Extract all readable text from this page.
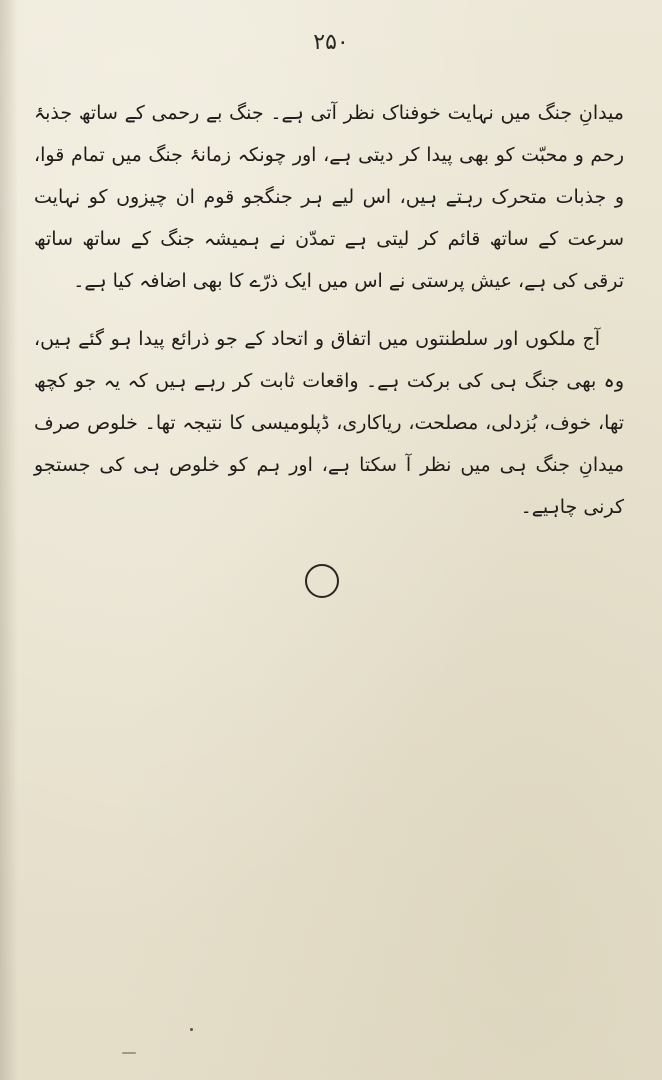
۲۵۰

میدانِ جنگ میں نہایت خوفناک نظر آتی ہے۔ جنگ بے رحمی کے ساتھ جذبۂ رحم و محبّت کو بھی پیدا کر دیتی ہے، اور چونکہ زمانۂ جنگ میں تمام قوا، و جذبات متحرک رہتے ہیں، اس لیے ہر جنگجو قوم ان چیزوں کو نہایت سرعت کے ساتھ قائم کر لیتی ہے تمدّن نے ہمیشہ جنگ کے ساتھ ساتھ ترقی کی ہے، عیش پرستی نے اس میں ایک ذرّے کا بھی اضافہ کیا ہے۔

آج ملکوں اور سلطنتوں میں اتفاق و اتحاد کے جو ذرائع پیدا ہو گئے ہیں، وہ بھی جنگ ہی کی برکت ہے۔ واقعات ثابت کر رہے ہیں کہ یہ جو کچھ تھا، خوف، بُزدلی، مصلحت، ریاکاری، ڈپلومیسی کا نتیجہ تھا۔ خلوص صرف میدانِ جنگ ہی میں نظر آ سکتا ہے، اور ہم کو خلوص ہی کی جستجو کرنی چاہیے۔
